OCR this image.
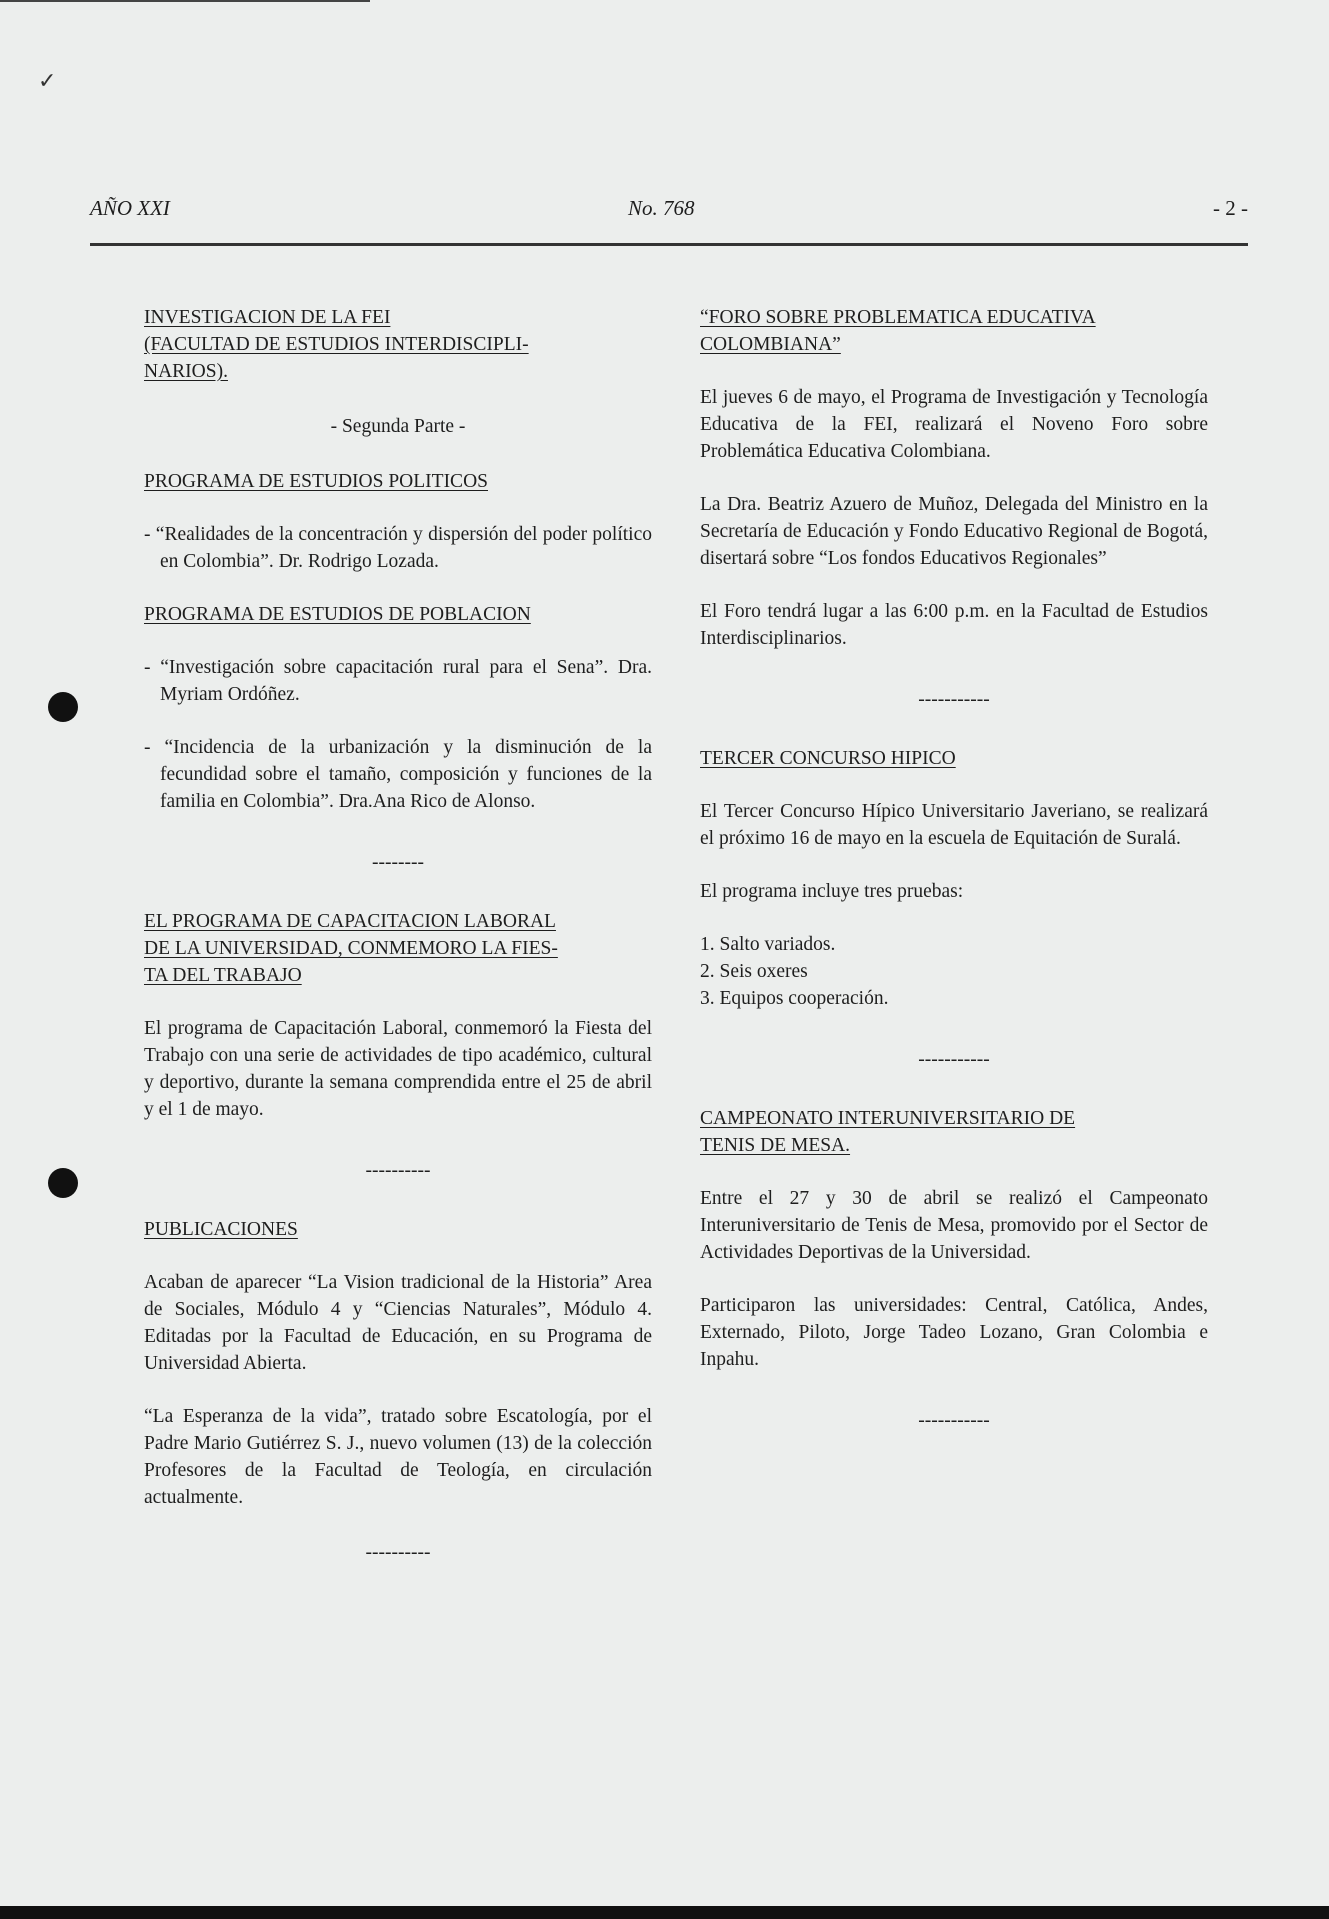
✓
AÑO XXI	No. 768	- 2 -
INVESTIGACION DE LA FEI
(FACULTAD DE ESTUDIOS INTERDISCIPLI-
NARIOS).

- Segunda Parte -

PROGRAMA DE ESTUDIOS POLITICOS

- “Realidades de la concentración y dispersión del poder político en Colombia”. Dr. Rodrigo Lozada.

PROGRAMA DE ESTUDIOS DE POBLACION

- “Investigación sobre capacitación rural para el Sena”. Dra. Myriam Ordóñez.

- “Incidencia de la urbanización y la disminución de la fecundidad sobre el tamaño, composición y funciones de la familia en Colombia”. Dra.Ana Rico de Alonso.

--------

EL PROGRAMA DE CAPACITACION LABORAL
DE LA UNIVERSIDAD, CONMEMORO LA FIES-
TA DEL TRABAJO

El programa de Capacitación Laboral, conmemoró la Fiesta del Trabajo con una serie de actividades de tipo académico, cultural y deportivo, durante la semana comprendida entre el 25 de abril y el 1 de mayo.

----------

PUBLICACIONES

Acaban de aparecer “La Vision tradicional de la Historia” Area de Sociales, Módulo 4 y “Ciencias Naturales”, Módulo 4. Editadas por la Facultad de Educación, en su Programa de Universidad Abierta.

“La Esperanza de la vida”, tratado sobre Escatología, por el Padre Mario Gutiérrez S. J., nuevo volumen (13) de la colección Profesores de la Facultad de Teología, en circulación actualmente.

----------

“FORO SOBRE PROBLEMATICA EDUCATIVA
COLOMBIANA”

El jueves 6 de mayo, el Programa de Investigación y Tecnología Educativa de la FEI, realizará el Noveno Foro sobre Problemática Educativa Colombiana.

La Dra. Beatriz Azuero de Muñoz, Delegada del Ministro en la Secretaría de Educación y Fondo Educativo Regional de Bogotá, disertará sobre “Los fondos Educativos Regionales”

El Foro tendrá lugar a las 6:00 p.m. en la Facultad de Estudios Interdisciplinarios.

-----------

TERCER CONCURSO HIPICO

El Tercer Concurso Hípico Universitario Javeriano, se realizará el próximo 16 de mayo en la escuela de Equitación de Suralá.

El programa incluye tres pruebas:

1. Salto variados.

2. Seis oxeres

3. Equipos cooperación.

-----------

CAMPEONATO INTERUNIVERSITARIO DE
TENIS DE MESA.

Entre el 27 y 30 de abril se realizó el Campeonato Interuniversitario de Tenis de Mesa, promovido por el Sector de Actividades Deportivas de la Universidad.

Participaron las universidades: Central, Católica, Andes, Externado, Piloto, Jorge Tadeo Lozano, Gran Colombia e Inpahu.

-----------
